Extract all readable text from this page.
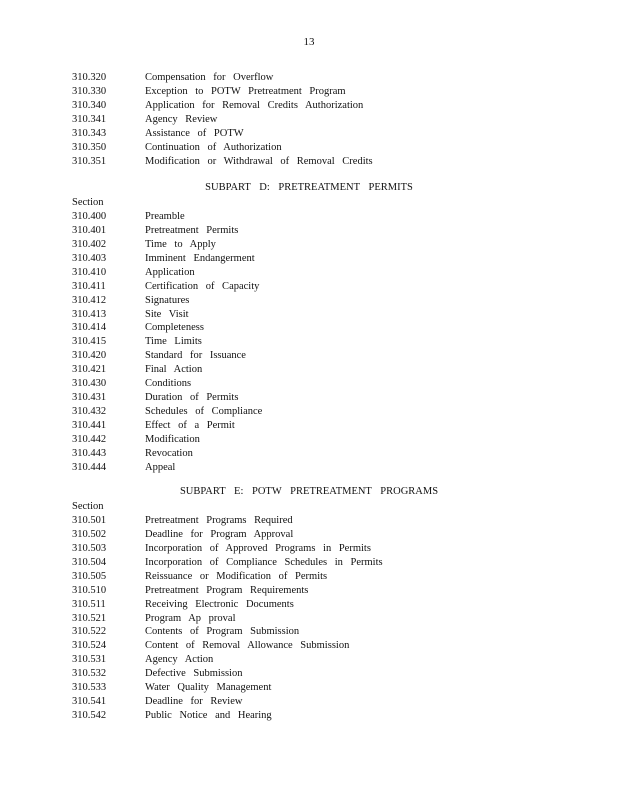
13
310.320	Compensation for Overflow
310.330	Exception to POTW Pretreatment Program
310.340	Application for Removal Credits Authorization
310.341	Agency Review
310.343	Assistance of POTW
310.350	Continuation of Authorization
310.351	Modification or Withdrawal of Removal Credits
SUBPART D: PRETREATMENT PERMITS
Section
310.400	Preamble
310.401	Pretreatment Permits
310.402	Time to Apply
310.403	Imminent Endangerment
310.410	Application
310.411	Certification of Capacity
310.412	Signatures
310.413	Site Visit
310.414	Completeness
310.415	Time Limits
310.420	Standard for Issuance
310.421	Final Action
310.430	Conditions
310.431	Duration of Permits
310.432	Schedules of Compliance
310.441	Effect of a Permit
310.442	Modification
310.443	Revocation
310.444	Appeal
SUBPART E: POTW PRETREATMENT PROGRAMS
Section
310.501	Pretreatment Programs Required
310.502	Deadline for Program Approval
310.503	Incorporation of Approved Programs in Permits
310.504	Incorporation of Compliance Schedules in Permits
310.505	Reissuance or Modification of Permits
310.510	Pretreatment Program Requirements
310.511	Receiving Electronic Documents
310.521	Program Ap proval
310.522	Contents of Program Submission
310.524	Content of Removal Allowance Submission
310.531	Agency Action
310.532	Defective Submission
310.533	Water Quality Management
310.541	Deadline for Review
310.542	Public Notice and Hearing
